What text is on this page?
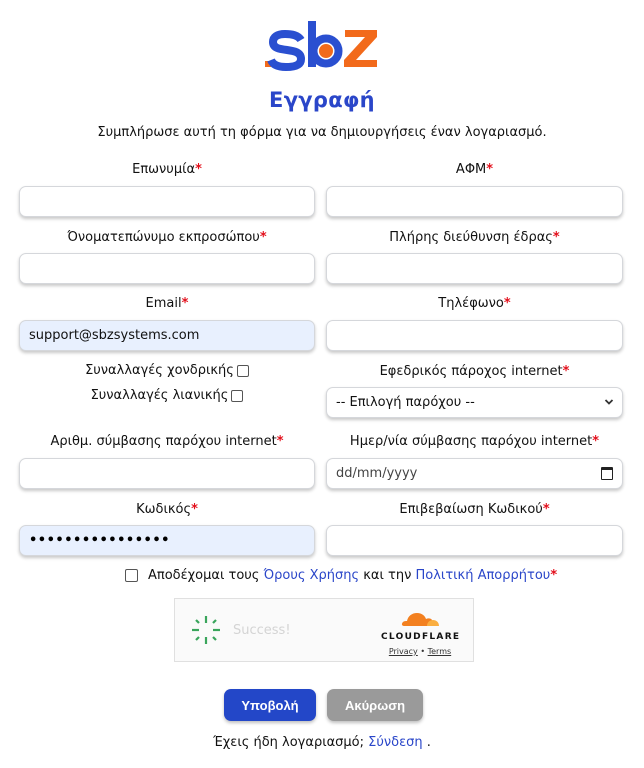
Εγγραφή
Συμπλήρωσε αυτή τη φόρμα για να δημιουργήσεις έναν λογαριασμό.
Επωνυμία*	ΑΦΜ*
Όνοματεπώνυμο εκπροσώπου*	Πλήρης διεύθυνση έδρας*
Email*	Τηλέφωνο*
support@sbzsystems.com
Συναλλαγές χονδρικής
Συναλλαγές λιανικής
Εφεδρικός πάροχος internet*
-- Επιλογή παρόχου --
Αριθμ. σύμβασης παρόχου internet*	Ημερ/νία σύμβασης παρόχου internet*
dd/mm/yyyy
Κωδικός*	Επιβεβαίωση Κωδικού*
••••••••••••••••
Αποδέχομαι τους
Όρους Χρήσης
και την
Πολιτική Απορρήτου *
Success!	CLOUDFLARE
Privacy • Terms
Υποβολή	Ακύρωση
Έχεις ήδη λογαριασμό; Σύνδεση .
